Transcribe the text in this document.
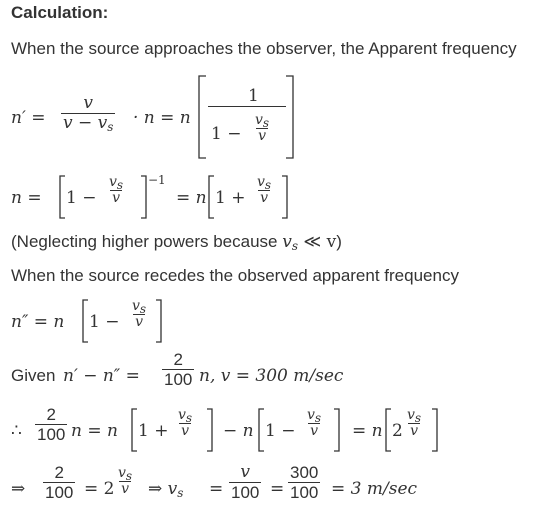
Calculation:
When the source approaches the observer, the Apparent frequency
$n' = \frac{v}{v - vs} \cdot n = n$
1
$1 - \frac{vs}{v}$
$n = 1 - \frac{vs}{v} -1$
= n $1 + \frac{vs}{v}$
(Neglecting higher powers because vs ≪ v)
When the source recedes the observed apparent frequency
n″ = n $1 - \frac{vs}{v}$
Given $n' - n'' = \frac{2}{100} n$, v = 300 m/sec
∴ $\frac{2}{100}$ n = n $1 + \frac{vs}{v} - n$ $1 - \frac{vs}{v} = n$ $2 \frac{vs}{v}$
⇒ $\frac{2}{100} = 2 \frac{vs}{v}$ ⇒ vs = $\frac{v}{100} = \frac{300}{100} = 3$ m/sec
